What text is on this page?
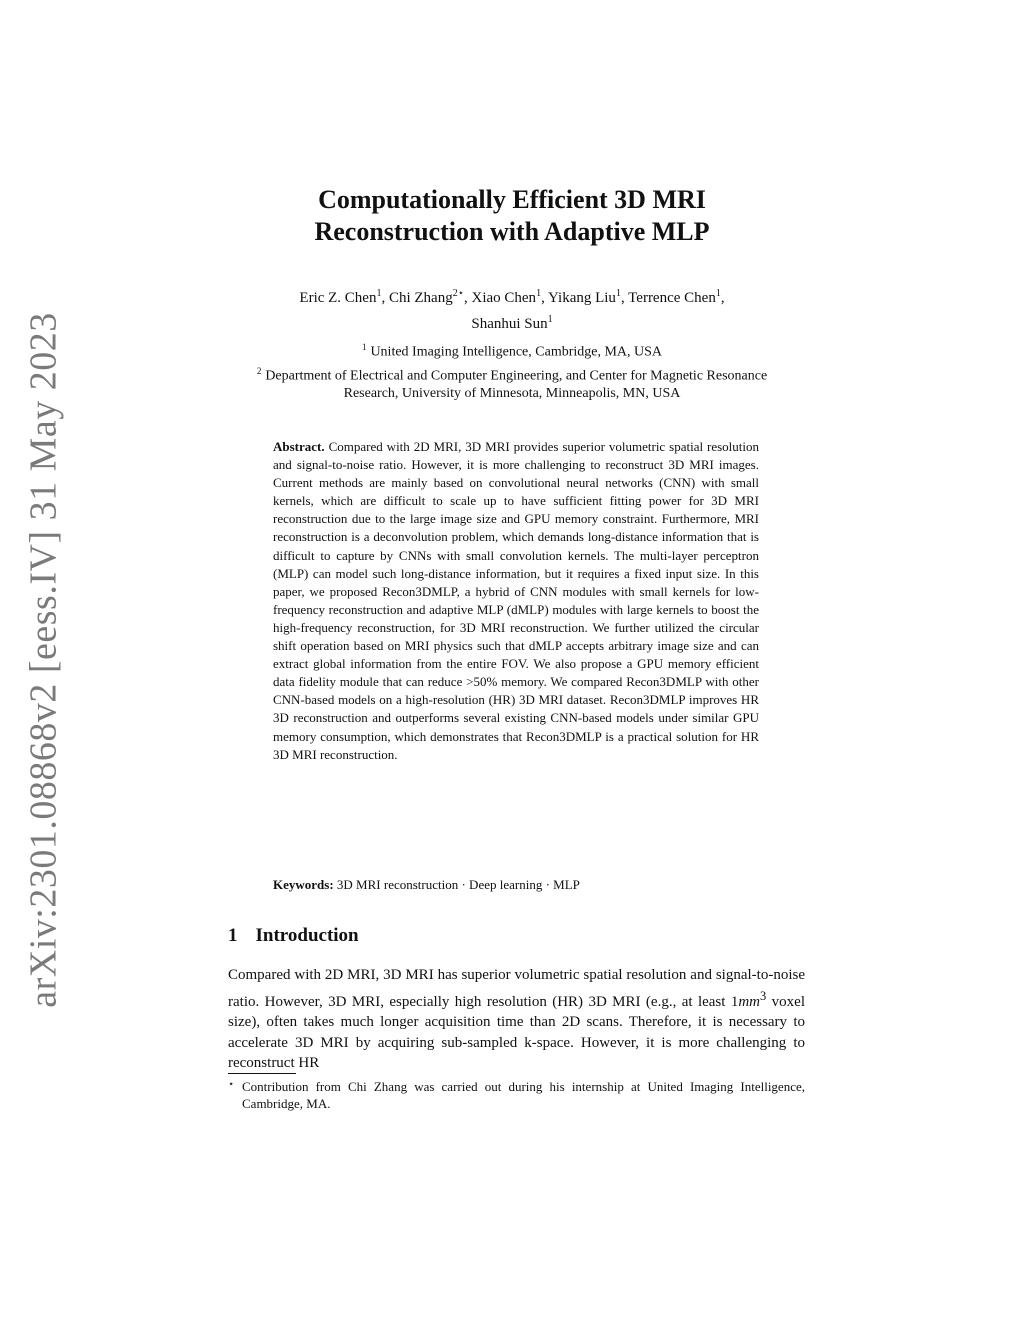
arXiv:2301.08868v2 [eess.IV] 31 May 2023
Computationally Efficient 3D MRI
Reconstruction with Adaptive MLP
Eric Z. Chen$^1$, Chi Zhang$^{2⋆}$, Xiao Chen$^1$, Yikang Liu$^1$, Terrence Chen$^1$,
Shanhui Sun$^1$
$^1$ United Imaging Intelligence, Cambridge, MA, USA
$^2$ Department of Electrical and Computer Engineering, and Center for Magnetic Resonance Research, University of Minnesota, Minneapolis, MN, USA
Abstract. Compared with 2D MRI, 3D MRI provides superior volumetric spatial resolution and signal-to-noise ratio. However, it is more challenging to reconstruct 3D MRI images. Current methods are mainly based on convolutional neural networks (CNN) with small kernels, which are difficult to scale up to have sufficient fitting power for 3D MRI reconstruction due to the large image size and GPU memory constraint. Furthermore, MRI reconstruction is a deconvolution problem, which demands long-distance information that is difficult to capture by CNNs with small convolution kernels. The multi-layer perceptron (MLP) can model such long-distance information, but it requires a fixed input size. In this paper, we proposed Recon3DMLP, a hybrid of CNN modules with small kernels for low-frequency reconstruction and adaptive MLP (dMLP) modules with large kernels to boost the high-frequency reconstruction, for 3D MRI reconstruction. We further utilized the circular shift operation based on MRI physics such that dMLP accepts arbitrary image size and can extract global information from the entire FOV. We also propose a GPU memory efficient data fidelity module that can reduce >50% memory. We compared Recon3DMLP with other CNN-based models on a high-resolution (HR) 3D MRI dataset. Recon3DMLP improves HR 3D reconstruction and outperforms several existing CNN-based models under similar GPU memory consumption, which demonstrates that Recon3DMLP is a practical solution for HR 3D MRI reconstruction.
Keywords: 3D MRI reconstruction · Deep learning · MLP
1 Introduction
Compared with 2D MRI, 3D MRI has superior volumetric spatial resolution and signal-to-noise ratio. However, 3D MRI, especially high resolution (HR) 3D MRI (e.g., at least $1mm^3$ voxel size), often takes much longer acquisition time than 2D scans. Therefore, it is necessary to accelerate 3D MRI by acquiring sub-sampled k-space. However, it is more challenging to reconstruct HR
⋆ Contribution from Chi Zhang was carried out during his internship at United Imaging Intelligence, Cambridge, MA.
